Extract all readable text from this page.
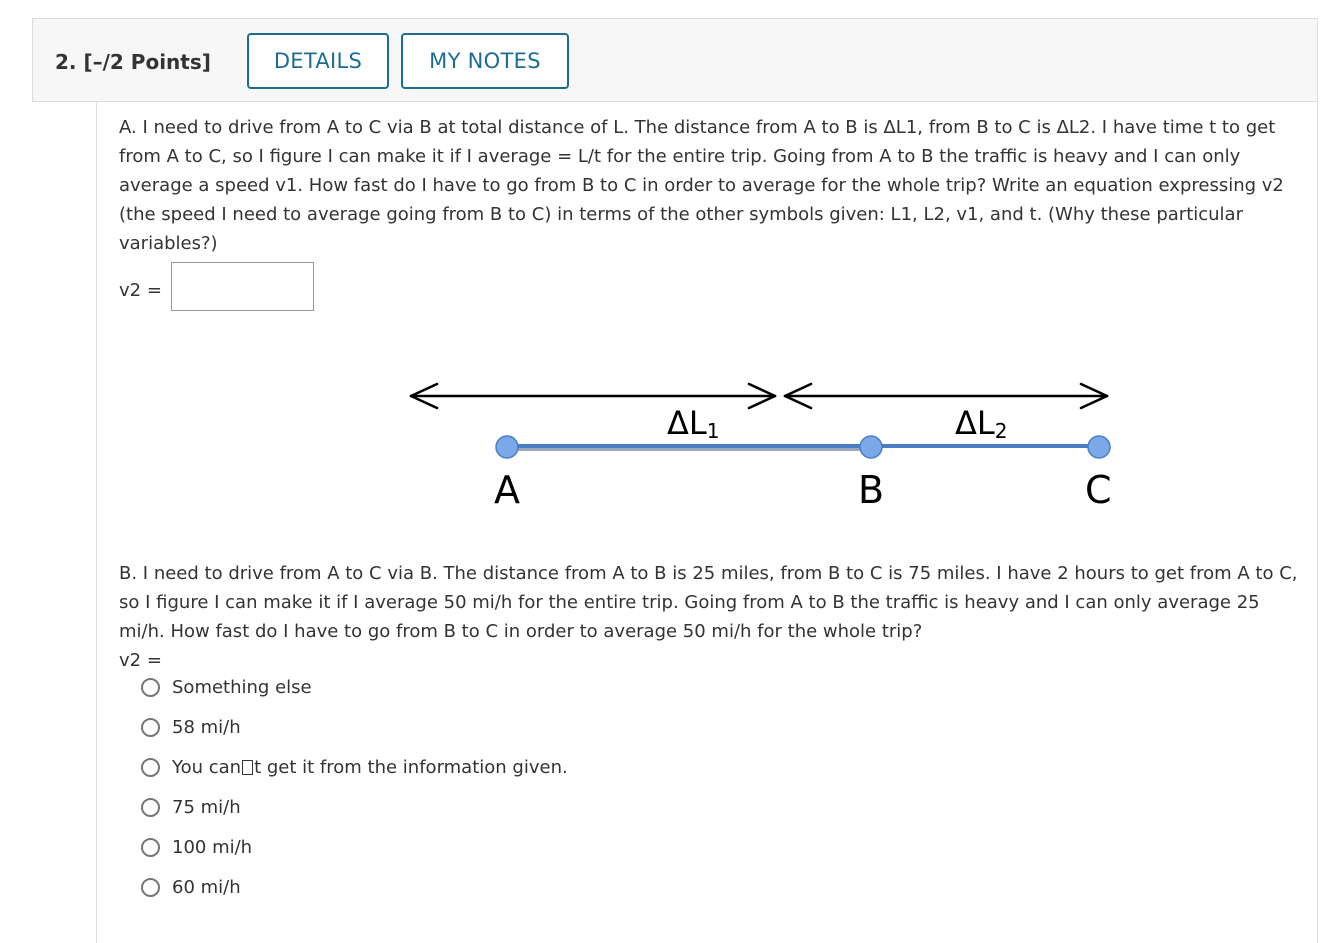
2. [–/2 Points]	DETAILS	MY NOTES

A. I need to drive from A to C via B at total distance of L. The distance from A to B is ΔL1, from B to C is ΔL2. I have time t to get from A to C, so I figure I can make it if I average = L/t for the entire trip. Going from A to B the traffic is heavy and I can only average a speed v1. How fast do I have to go from B to C in order to average for the whole trip? Write an equation expressing v2 (the speed I need to average going from B to C) in terms of the other symbols given: L1, L2, v1, and t. (Why these particular variables?)

v2 =
ΔL1	ΔL2
A	B	C

B. I need to drive from A to C via B. The distance from A to B is 25 miles, from B to C is 75 miles. I have 2 hours to get from A to C, so I figure I can make it if I average 50 mi/h for the entire trip. Going from A to B the traffic is heavy and I can only average 25 mi/h. How fast do I have to go from B to C in order to average 50 mi/h for the whole trip?

v2 =
Something else
58 mi/h
You can t get it from the information given.
75 mi/h
100 mi/h
60 mi/h
